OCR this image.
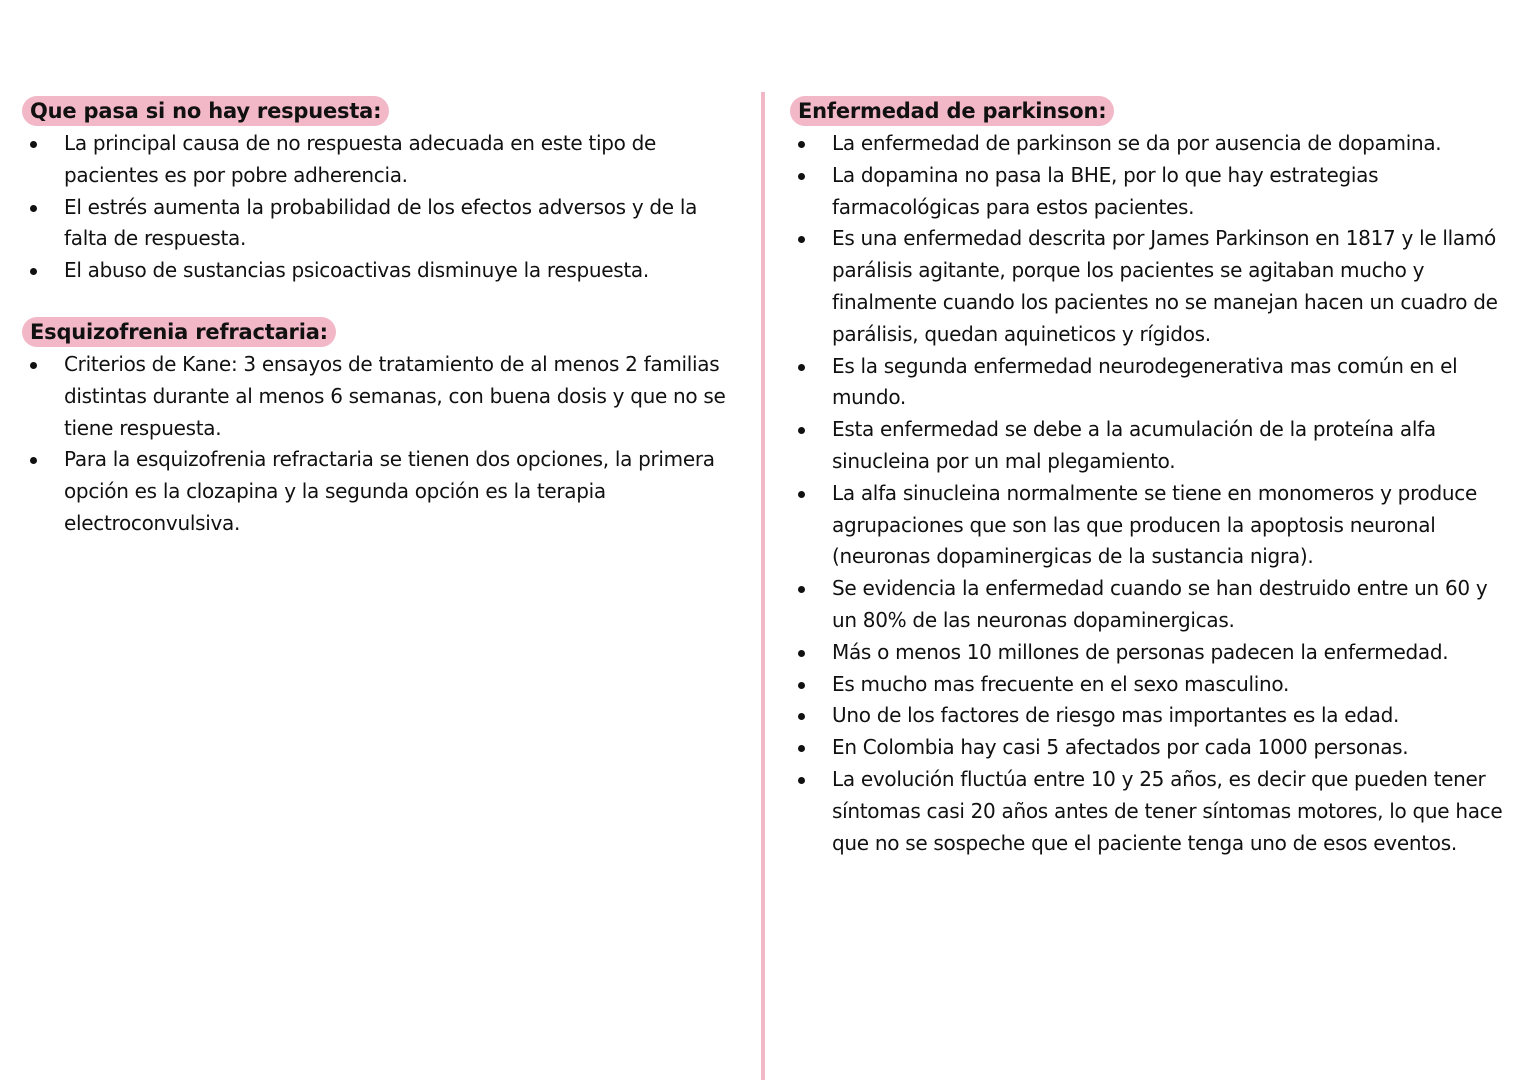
Que pasa si no hay respuesta:
La principal causa de no respuesta adecuada en este tipo de pacientes es por pobre adherencia.
El estrés aumenta la probabilidad de los efectos adversos y de la falta de respuesta.
El abuso de sustancias psicoactivas disminuye la respuesta.
Esquizofrenia refractaria:
Criterios de Kane: 3 ensayos de tratamiento de al menos 2 familias distintas durante al menos 6 semanas, con buena dosis y que no se tiene respuesta.
Para la esquizofrenia refractaria se tienen dos opciones, la primera opción es la clozapina y la segunda opción es la terapia electroconvulsiva.
Enfermedad de parkinson:
La enfermedad de parkinson se da por ausencia de dopamina.
La dopamina no pasa la BHE, por lo que hay estrategias farmacológicas para estos pacientes.
Es una enfermedad descrita por James Parkinson en 1817 y le llamó parálisis agitante, porque los pacientes se agitaban mucho y finalmente cuando los pacientes no se manejan hacen un cuadro de parálisis, quedan aquineticos y rígidos.
Es la segunda enfermedad neurodegenerativa mas común en el mundo.
Esta enfermedad se debe a la acumulación de la proteína alfa sinucleina por un mal plegamiento.
La alfa sinucleina normalmente se tiene en monomeros y produce agrupaciones que son las que producen la apoptosis neuronal (neuronas dopaminergicas de la sustancia nigra).
Se evidencia la enfermedad cuando se han destruido entre un 60 y un 80% de las neuronas dopaminergicas.
Más o menos 10 millones de personas padecen la enfermedad.
Es mucho mas frecuente en el sexo masculino.
Uno de los factores de riesgo mas importantes es la edad.
En Colombia hay casi 5 afectados por cada 1000 personas.
La evolución fluctúa entre 10 y 25 años, es decir que pueden tener síntomas casi 20 años antes de tener síntomas motores, lo que hace que no se sospeche que el paciente tenga uno de esos eventos.
